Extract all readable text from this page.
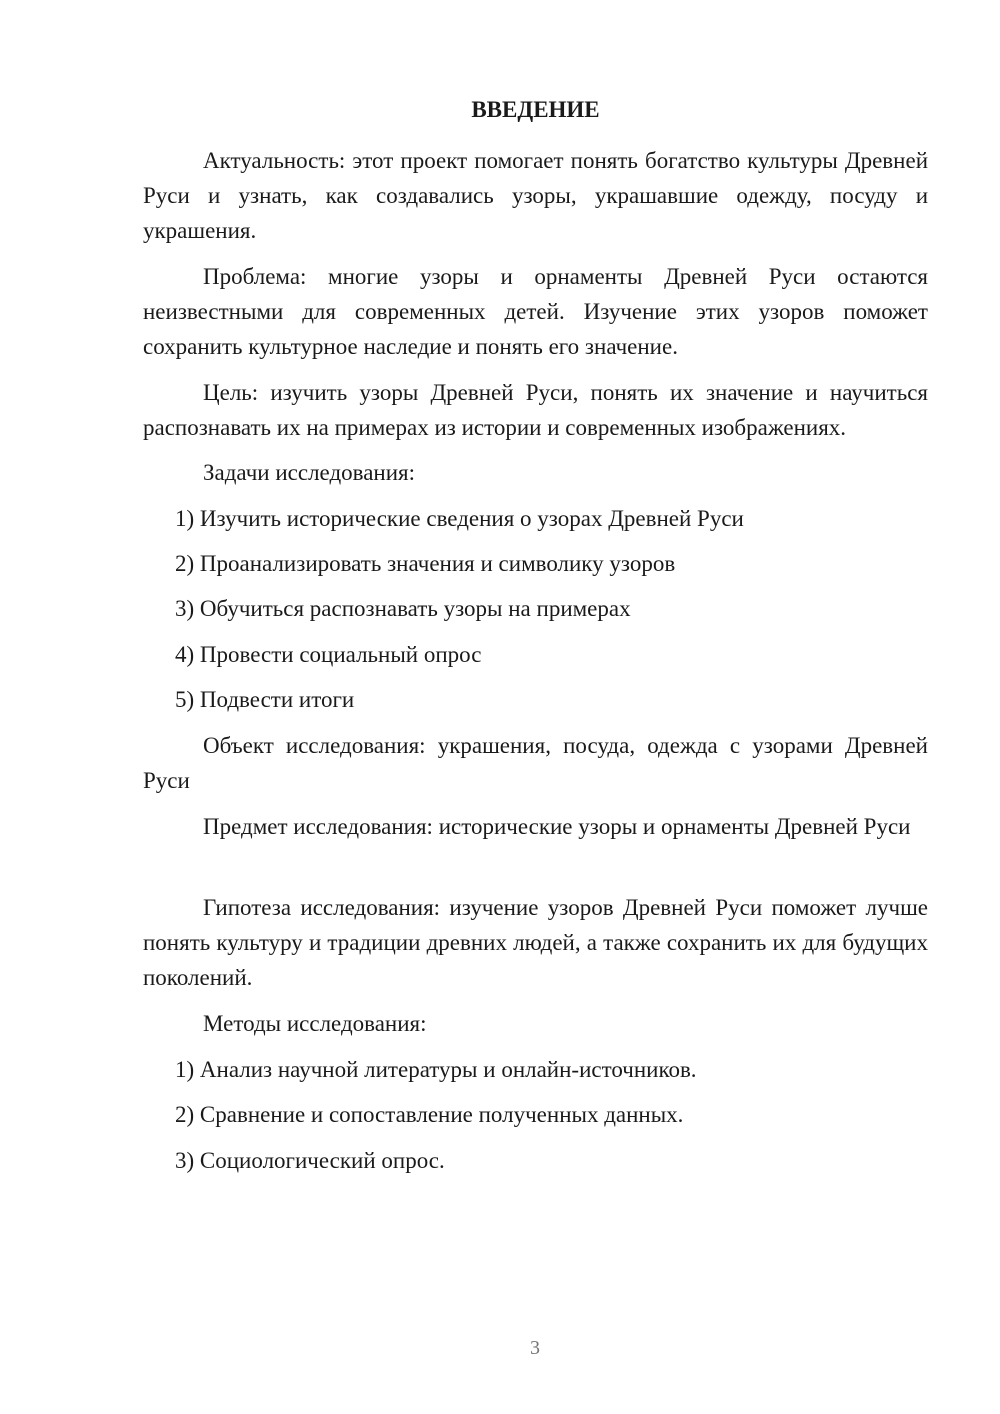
ВВЕДЕНИЕ

Актуальность: этот проект помогает понять богатство культуры Древней Руси и узнать, как создавались узоры, украшавшие одежду, посуду и украшения.

Проблема: многие узоры и орнаменты Древней Руси остаются неизвестными для современных детей. Изучение этих узоров поможет сохранить культурное наследие и понять его значение.

Цель: изучить узоры Древней Руси, понять их значение и научиться распознавать их на примерах из истории и современных изображениях.

Задачи исследования:

1) Изучить исторические сведения о узорах Древней Руси

2) Проанализировать значения и символику узоров

3) Обучиться распознавать узоры на примерах

4) Провести социальный опрос

5) Подвести итоги

Объект исследования: украшения, посуда, одежда с узорами Древней Руси

Предмет исследования: исторические узоры и орнаменты Древней Руси

Гипотеза исследования: изучение узоров Древней Руси поможет лучше понять культуру и традиции древних людей, а также сохранить их для будущих поколений.

Методы исследования:

1) Анализ научной литературы и онлайн-источников.

2) Сравнение и сопоставление полученных данных.

3) Социологический опрос.

3
